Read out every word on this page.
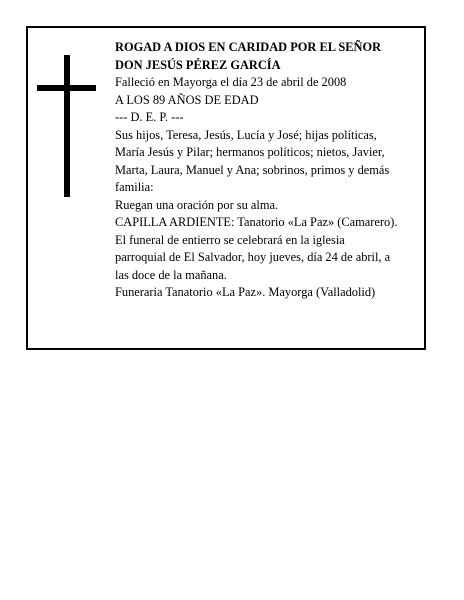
ROGAD A DIOS EN CARIDAD POR EL SEÑOR

DON JESÚS PÉREZ GARCÍA

Falleció en Mayorga el día 23 de abril de 2008

A LOS 89 AÑOS DE EDAD

--- D. E. P. ---

Sus hijos, Teresa, Jesús, Lucía y José; hijas políticas,

María Jesús y Pilar; hermanos políticos; nietos, Javier,

Marta, Laura, Manuel y Ana; sobrinos, primos y demás

familia:

Ruegan una oración por su alma.

CAPILLA ARDIENTE: Tanatorio «La Paz» (Camarero).

El funeral de entierro se celebrará en la iglesia

parroquial de El Salvador, hoy jueves, día 24 de abril, a

las doce de la mañana.

Funeraria Tanatorio «La Paz». Mayorga (Valladolid)
